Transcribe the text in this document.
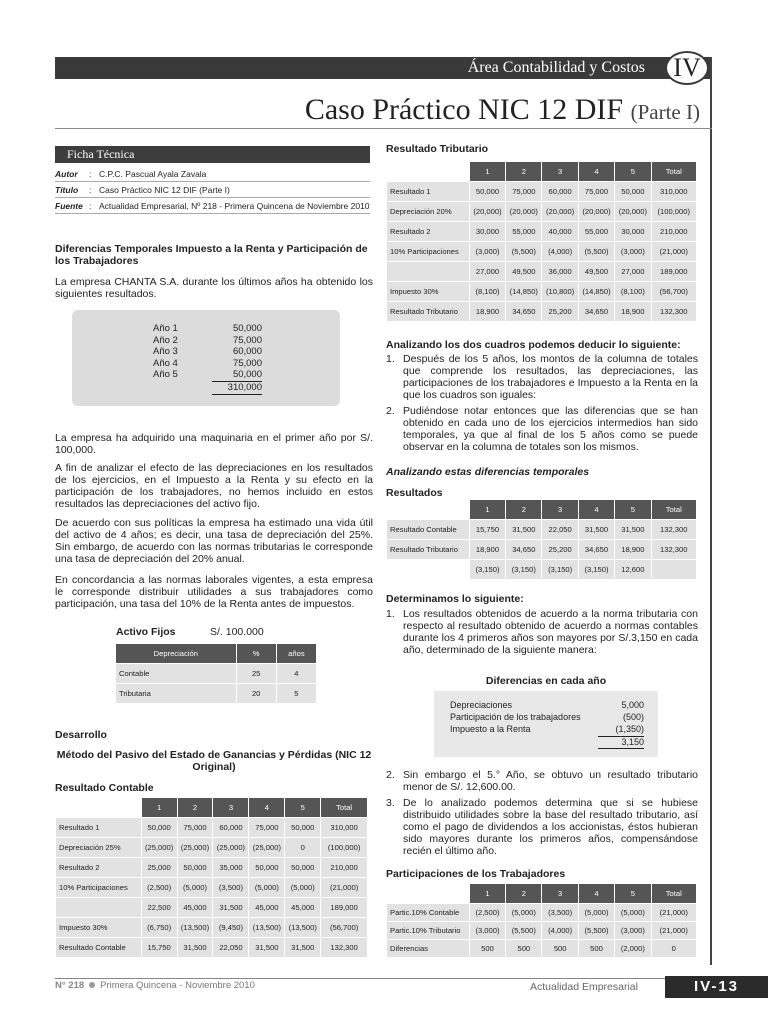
Área Contabilidad y Costos	IV
Caso Práctico NIC 12 DIF (Parte I)
Ficha Técnica
Autor	: C.P.C. Pascual Ayala Zavala
Título	: Caso Práctico NIC 12 DIF (Parte I)
Fuente : Actualidad Empresarial, Nº 218 - Primera Quincena de Noviembre 2010
Diferencias Temporales Impuesto a la Renta y Participación de los Trabajadores
La empresa CHANTA S.A. durante los últimos años ha obtenido los siguientes resultados.
Año 1	50,000
Año 2	75,000
Año 3	60,000
Año 4	75,000
Año 5	50,000
310,000
La empresa ha adquirido una maquinaria en el primer año por S/. 100,000.
A fin de analizar el efecto de las depreciaciones en los resultados de los ejercicios, en el Impuesto a la Renta y su efecto en la participación de los trabajadores, no hemos incluido en estos resultados las depreciaciones del activo fijo.
De acuerdo con sus políticas la empresa ha estimado una vida útil del activo de 4 años; es decir, una tasa de depreciación del 25%. Sin embargo, de acuerdo con las normas tributarias le corresponde una tasa de depreciación del 20% anual.
En concordancia a las normas laborales vigentes, a esta empresa le corresponde distribuir utilidades a sus trabajadores como participación, una tasa del 10% de la Renta antes de impuestos.
Activo Fijos	S/. 100.000
Depreciación	%	años
Contable	25	4
Tributaria	20	5
Desarrollo
Método del Pasivo del Estado de Ganancias y Pérdidas (NIC 12 Original)
Resultado Contable
	1	2	3	4	5	Total
Resultado 1	50,000	75,000	60,000	75,000	50,000	310,000
Depreciación 25%	(25,000)	(25,000)	(25,000)	(25,000)	0	(100,000)
Resultado 2	25,000	50,000	35,000	50,000	50,000	210,000
10% Participaciones	(2,500)	(5,000)	(3,500)	(5,000)	(5,000)	(21,000)
	22,500	45,000	31,500	45,000	45,000	189,000
Impuesto 30%	(6,750)	(13,500)	(9,450)	(13,500)	(13,500)	(56,700)
Resultado Contable	15,750	31,500	22,050	31,500	31,500	132,300
Resultado Tributario
	1	2	3	4	5	Total
Resultado 1	50,000	75,000	60,000	75,000	50,000	310,000
Depreciación 20%	(20,000)	(20,000)	(20,000)	(20,000)	(20,000)	(100,000)
Resultado 2	30,000	55,000	40,000	55,000	30,000	210,000
10% Participaciones	(3,000)	(5,500)	(4,000)	(5,500)	(3,000)	(21,000)
	27,000	49,500	36,000	49,500	27,000	189,000
Impuesto 30%	(8,100)	(14,850)	(10,800)	(14,850)	(8,100)	(56,700)
Resultado Tributario	18,900	34,650	25,200	34,650	18,900	132,300
Analizando los dos cuadros podemos deducir lo siguiente:
1. Después de los 5 años, los montos de la columna de totales que comprende los resultados, las depreciaciones, las participaciones de los trabajadores e Impuesto a la Renta en la que los cuadros son iguales:
2. Pudiéndose notar entonces que las diferencias que se han obtenido en cada uno de los ejercicios intermedios han sido temporales, ya que al final de los 5 años como se puede observar en la columna de totales son los mismos.
Analizando estas diferencias temporales
Resultados
	1	2	3	4	5	Total
Resultado Contable	15,750	31,500	22,050	31,500	31,500	132,300
Resultado Tributario	18,900	34,650	25,200	34,650	18,900	132,300
	(3,150)	(3,150)	(3,150)	(3,150)	12,600	
Determinamos lo siguiente:
1. Los resultados obtenidos de acuerdo a la norma tributaria con respecto al resultado obtenido de acuerdo a normas contables durante los 4 primeros años son mayores por S/.3,150 en cada año, determinado de la siguiente manera:
Diferencias en cada año
Depreciaciones	5,000
Participación de los trabajadores	(500)
Impuesto a la Renta	(1,350)
3,150
2. Sin embargo el 5.° Año, se obtuvo un resultado tributario menor de S/. 12,600.00.
3. De lo analizado podemos determina que si se hubiese distribuido utilidades sobre la base del resultado tributario, así como el pago de dividendos a los accionistas, éstos hubieran sido mayores durante los primeros años, compensándose recién el último año.
Participaciones de los Trabajadores
	1	2	3	4	5	Total
Partic.10% Contable	(2,500)	(5,000)	(3,500)	(5,000)	(5,000)	(21,000)
Partic.10% Tributario	(3,000)	(5,500)	(4,000)	(5,500)	(3,000)	(21,000)
Diferencias	500	500	500	500	(2,000)	0
N° 218 Primera Quincena - Noviembre 2010	Actualidad Empresarial	IV-13
